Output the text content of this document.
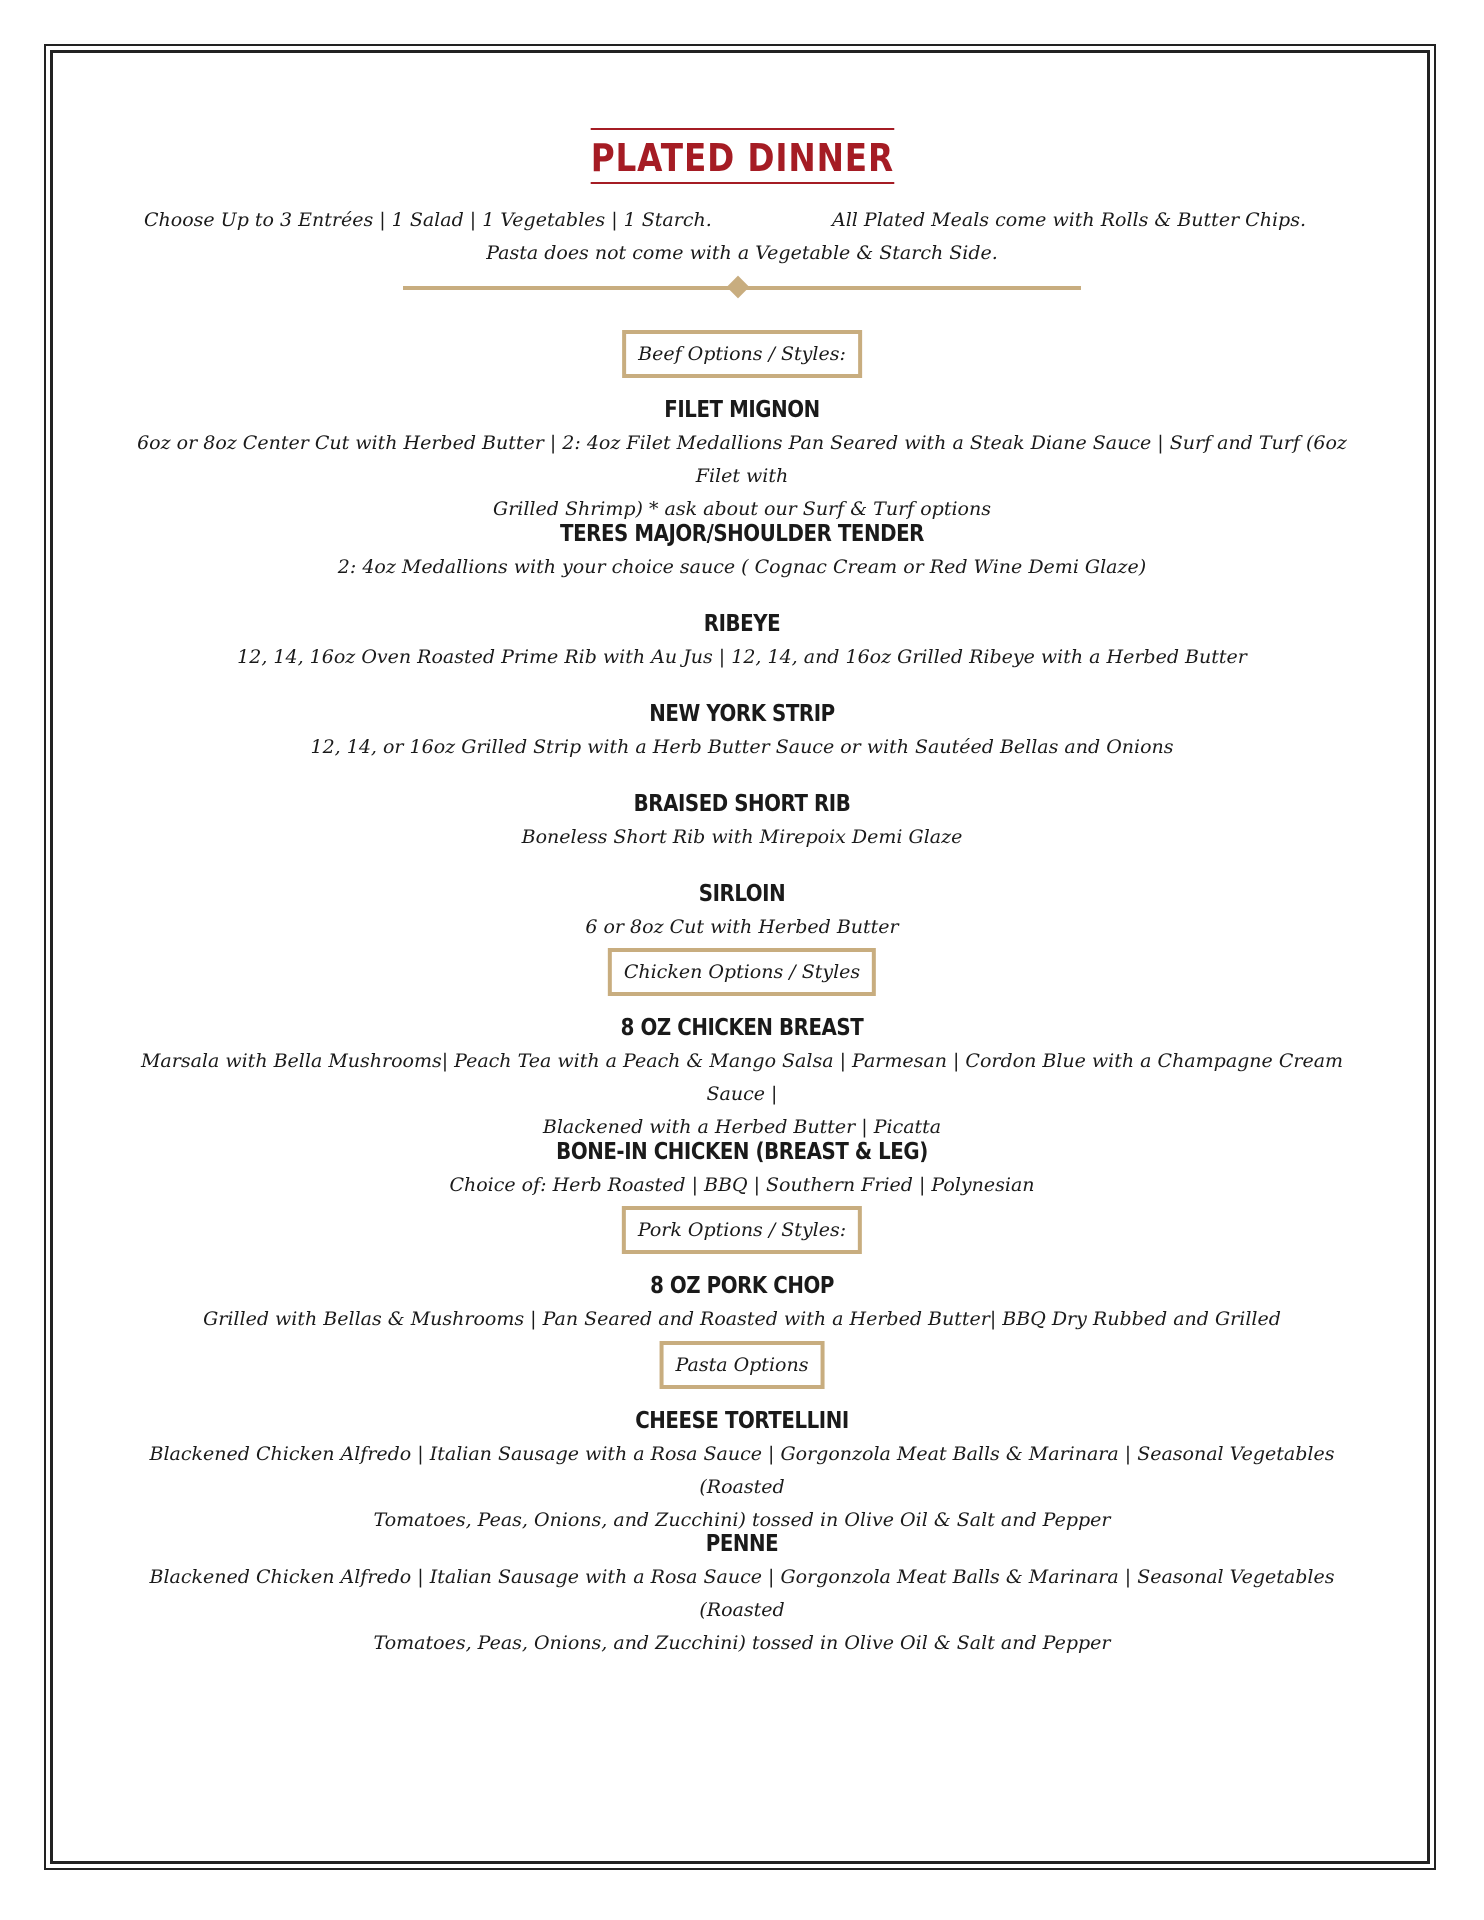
PLATED DINNER
Choose Up to 3 Entrées | 1 Salad | 1 Vegetables | 1 Starch.	All Plated Meals come with Rolls & Butter Chips.
Pasta does not come with a Vegetable & Starch Side.
Beef Options / Styles:
FILET MIGNON
6oz or 8oz Center Cut with Herbed Butter | 2: 4oz Filet Medallions Pan Seared with a Steak Diane Sauce | Surf and Turf (6oz Filet with
Grilled Shrimp) * ask about our Surf & Turf options
TERES MAJOR/SHOULDER TENDER
2: 4oz Medallions with your choice sauce ( Cognac Cream or Red Wine Demi Glaze)
RIBEYE
12, 14, 16oz Oven Roasted Prime Rib with Au Jus | 12, 14, and 16oz Grilled Ribeye with a Herbed Butter
NEW YORK STRIP
12, 14, or 16oz Grilled Strip with a Herb Butter Sauce or with Sautéed Bellas and Onions
BRAISED SHORT RIB
Boneless Short Rib with Mirepoix Demi Glaze
SIRLOIN
6 or 8oz Cut with Herbed Butter
Chicken Options / Styles
8 OZ CHICKEN BREAST
Marsala with Bella Mushrooms| Peach Tea with a Peach & Mango Salsa | Parmesan | Cordon Blue with a Champagne Cream Sauce |
Blackened with a Herbed Butter | Picatta
BONE-IN CHICKEN (BREAST & LEG)
Choice of: Herb Roasted | BBQ | Southern Fried | Polynesian
Pork Options / Styles:
8 OZ PORK CHOP
Grilled with Bellas & Mushrooms | Pan Seared and Roasted with a Herbed Butter| BBQ Dry Rubbed and Grilled
Pasta Options
CHEESE TORTELLINI
Blackened Chicken Alfredo | Italian Sausage with a Rosa Sauce | Gorgonzola Meat Balls & Marinara | Seasonal Vegetables (Roasted
Tomatoes, Peas, Onions, and Zucchini) tossed in Olive Oil & Salt and Pepper
PENNE
Blackened Chicken Alfredo | Italian Sausage with a Rosa Sauce | Gorgonzola Meat Balls & Marinara | Seasonal Vegetables (Roasted
Tomatoes, Peas, Onions, and Zucchini) tossed in Olive Oil & Salt and Pepper
